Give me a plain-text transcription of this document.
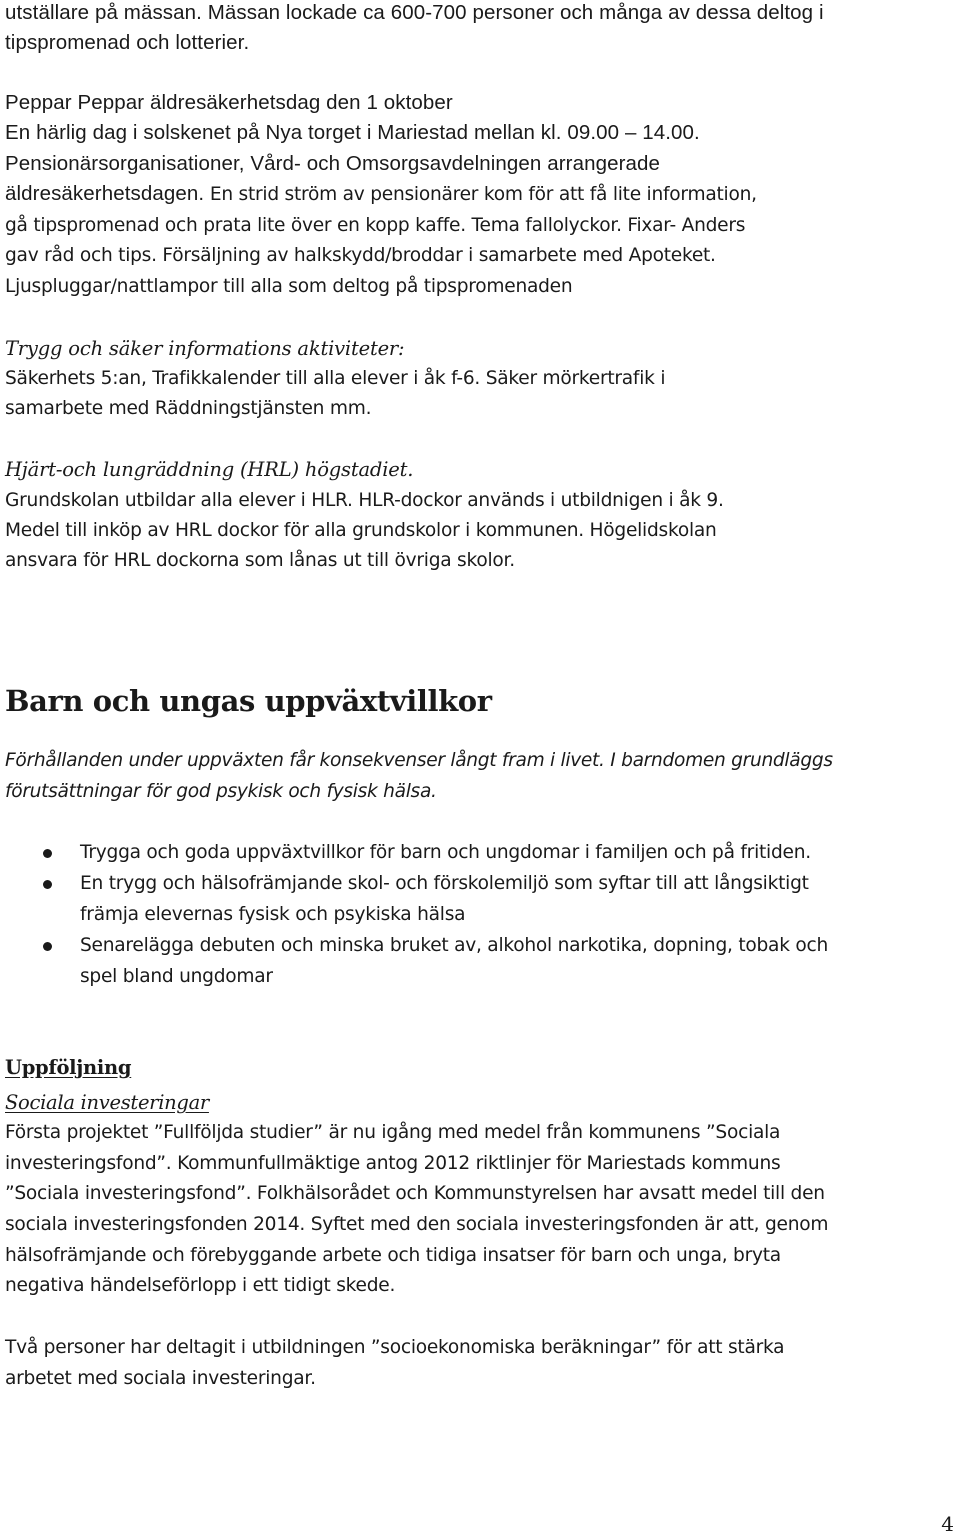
utställare på mässan. Mässan lockade ca 600-700 personer och många av dessa deltog i
tipspromenad och lotterier.
Peppar Peppar äldresäkerhetsdag den 1 oktober
En härlig dag i solskenet på Nya torget i Mariestad mellan kl. 09.00 – 14.00.
Pensionärsorganisationer, Vård- och Omsorgsavdelningen arrangerade
äldresäkerhetsdagen. En strid ström av pensionärer kom för att få lite information,
gå tipspromenad och prata lite över en kopp kaffe. Tema fallolyckor. Fixar- Anders
gav råd och tips. Försäljning av halkskydd/broddar i samarbete med Apoteket.
Ljuspluggar/nattlampor till alla som deltog på tipspromenaden
Trygg och säker informations aktiviteter:
Säkerhets 5:an, Trafikkalender till alla elever i åk f-6. Säker mörkertrafik i
samarbete med Räddningstjänsten mm.
Hjärt-och lungräddning (HRL) högstadiet.
Grundskolan utbildar alla elever i HLR. HLR-dockor används i utbildnigen i åk 9.
Medel till inköp av HRL dockor för alla grundskolor i kommunen. Högelidskolan
ansvara för HRL dockorna som lånas ut till övriga skolor.
Barn och ungas uppväxtvillkor
Förhållanden under uppväxten får konsekvenser långt fram i livet. I barndomen grundläggs
förutsättningar för god psykisk och fysisk hälsa.
Trygga och goda uppväxtvillkor för barn och ungdomar i familjen och på fritiden.
En trygg och hälsofrämjande skol- och förskolemiljö som syftar till att långsiktigt
främja elevernas fysisk och psykiska hälsa
Senarelägga debuten och minska bruket av, alkohol narkotika, dopning, tobak och
spel bland ungdomar
Uppföljning
Sociala investeringar
Första projektet ”Fullföljda studier” är nu igång med medel från kommunens ”Sociala
investeringsfond”. Kommunfullmäktige antog 2012 riktlinjer för Mariestads kommuns
”Sociala investeringsfond”. Folkhälsorådet och Kommunstyrelsen har avsatt medel till den
sociala investeringsfonden 2014. Syftet med den sociala investeringsfonden är att, genom
hälsofrämjande och förebyggande arbete och tidiga insatser för barn och unga, bryta
negativa händelseförlopp i ett tidigt skede.
Två personer har deltagit i utbildningen ”socioekonomiska beräkningar” för att stärka
arbetet med sociala investeringar.
4
